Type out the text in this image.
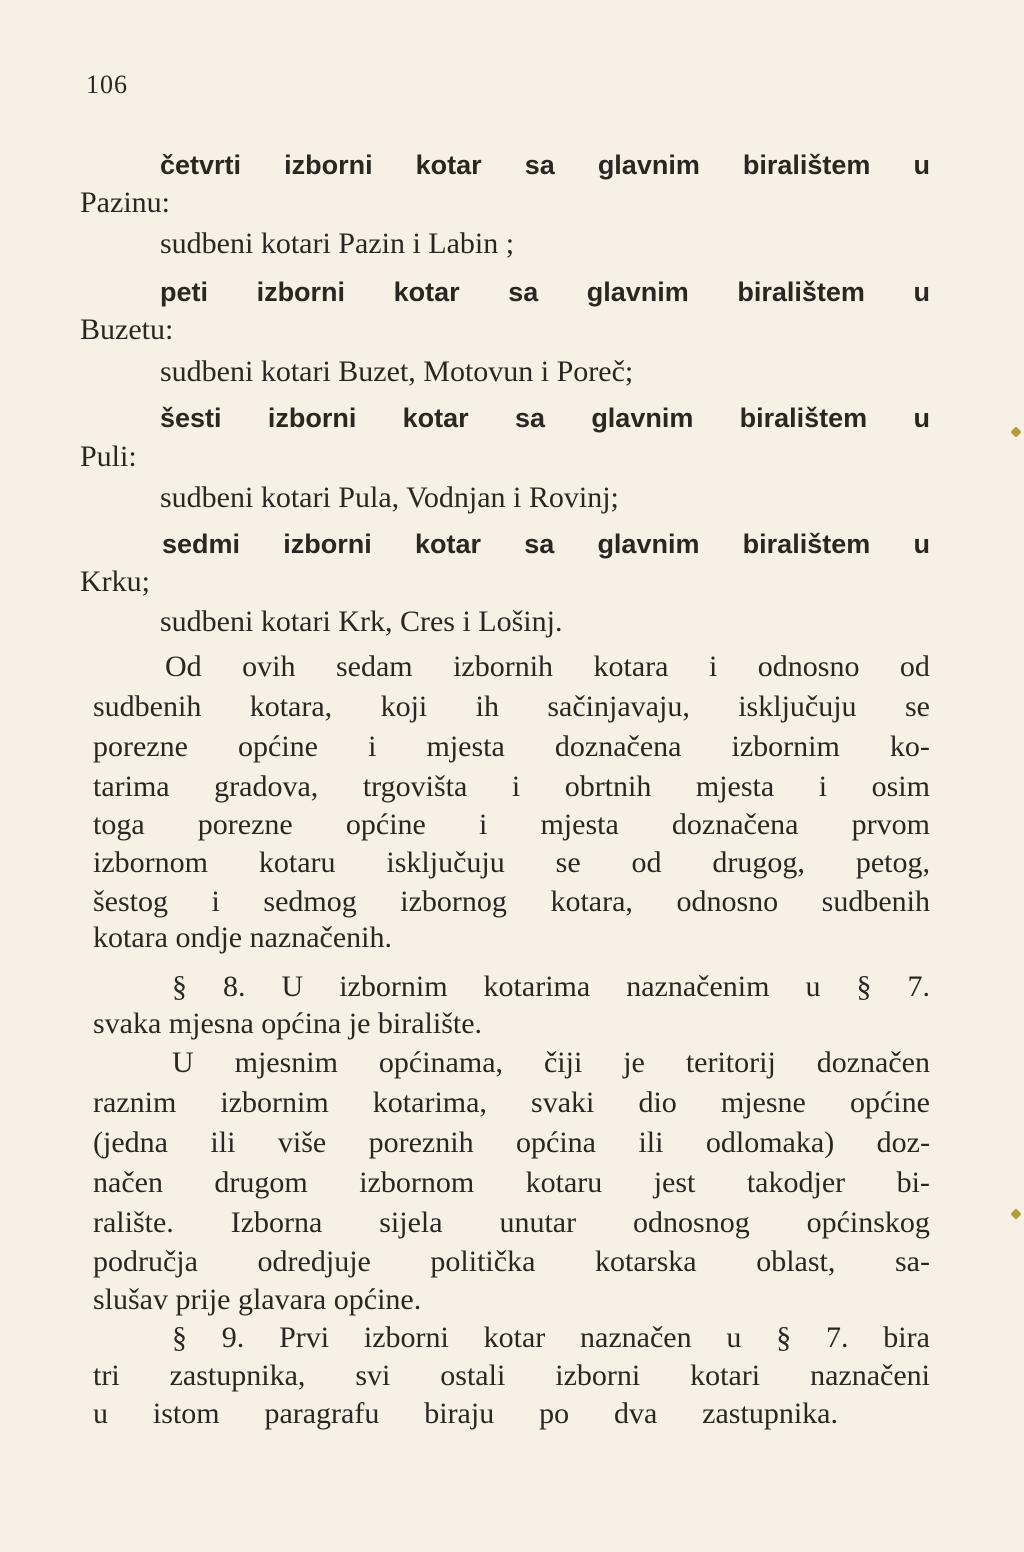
106
četvrti izborni kotar sa glavnim biralištem u
Pazinu:
sudbeni kotari Pazin i Labin ;
peti izborni kotar sa glavnim biralištem u
Buzetu:
sudbeni kotari Buzet, Motovun i Poreč;
šesti izborni kotar sa glavnim biralištem u
Puli:
sudbeni kotari Pula, Vodnjan i Rovinj;
sedmi izborni kotar sa glavnim biralištem u
Krku;
sudbeni kotari Krk, Cres i Lošinj.
Od ovih sedam izbornih kotara i odnosno od
sudbenih kotara, koji ih sačinjavaju, isključuju se
porezne općine i mjesta doznačena izbornim ko-
tarima gradova, trgovišta i obrtnih mjesta i osim
toga porezne općine i mjesta doznačena prvom
izbornom kotaru isključuju se od drugog, petog,
šestog i sedmog izbornog kotara, odnosno sudbenih
kotara ondje naznačenih.
§ 8. U izbornim kotarima naznačenim u § 7.
svaka mjesna općina je biralište.
U mjesnim općinama, čiji je teritorij doznačen
raznim izbornim kotarima, svaki dio mjesne općine
(jedna ili više poreznih općina ili odlomaka) doz-
načen drugom izbornom kotaru jest takodjer bi-
ralište. Izborna sijela unutar odnosnog općinskog
područja odredjuje politička kotarska oblast, sa-
slušav prije glavara općine.
§ 9. Prvi izborni kotar naznačen u § 7. bira
tri zastupnika, svi ostali izborni kotari naznačeni
u istom paragrafu biraju po dva zastupnika.
